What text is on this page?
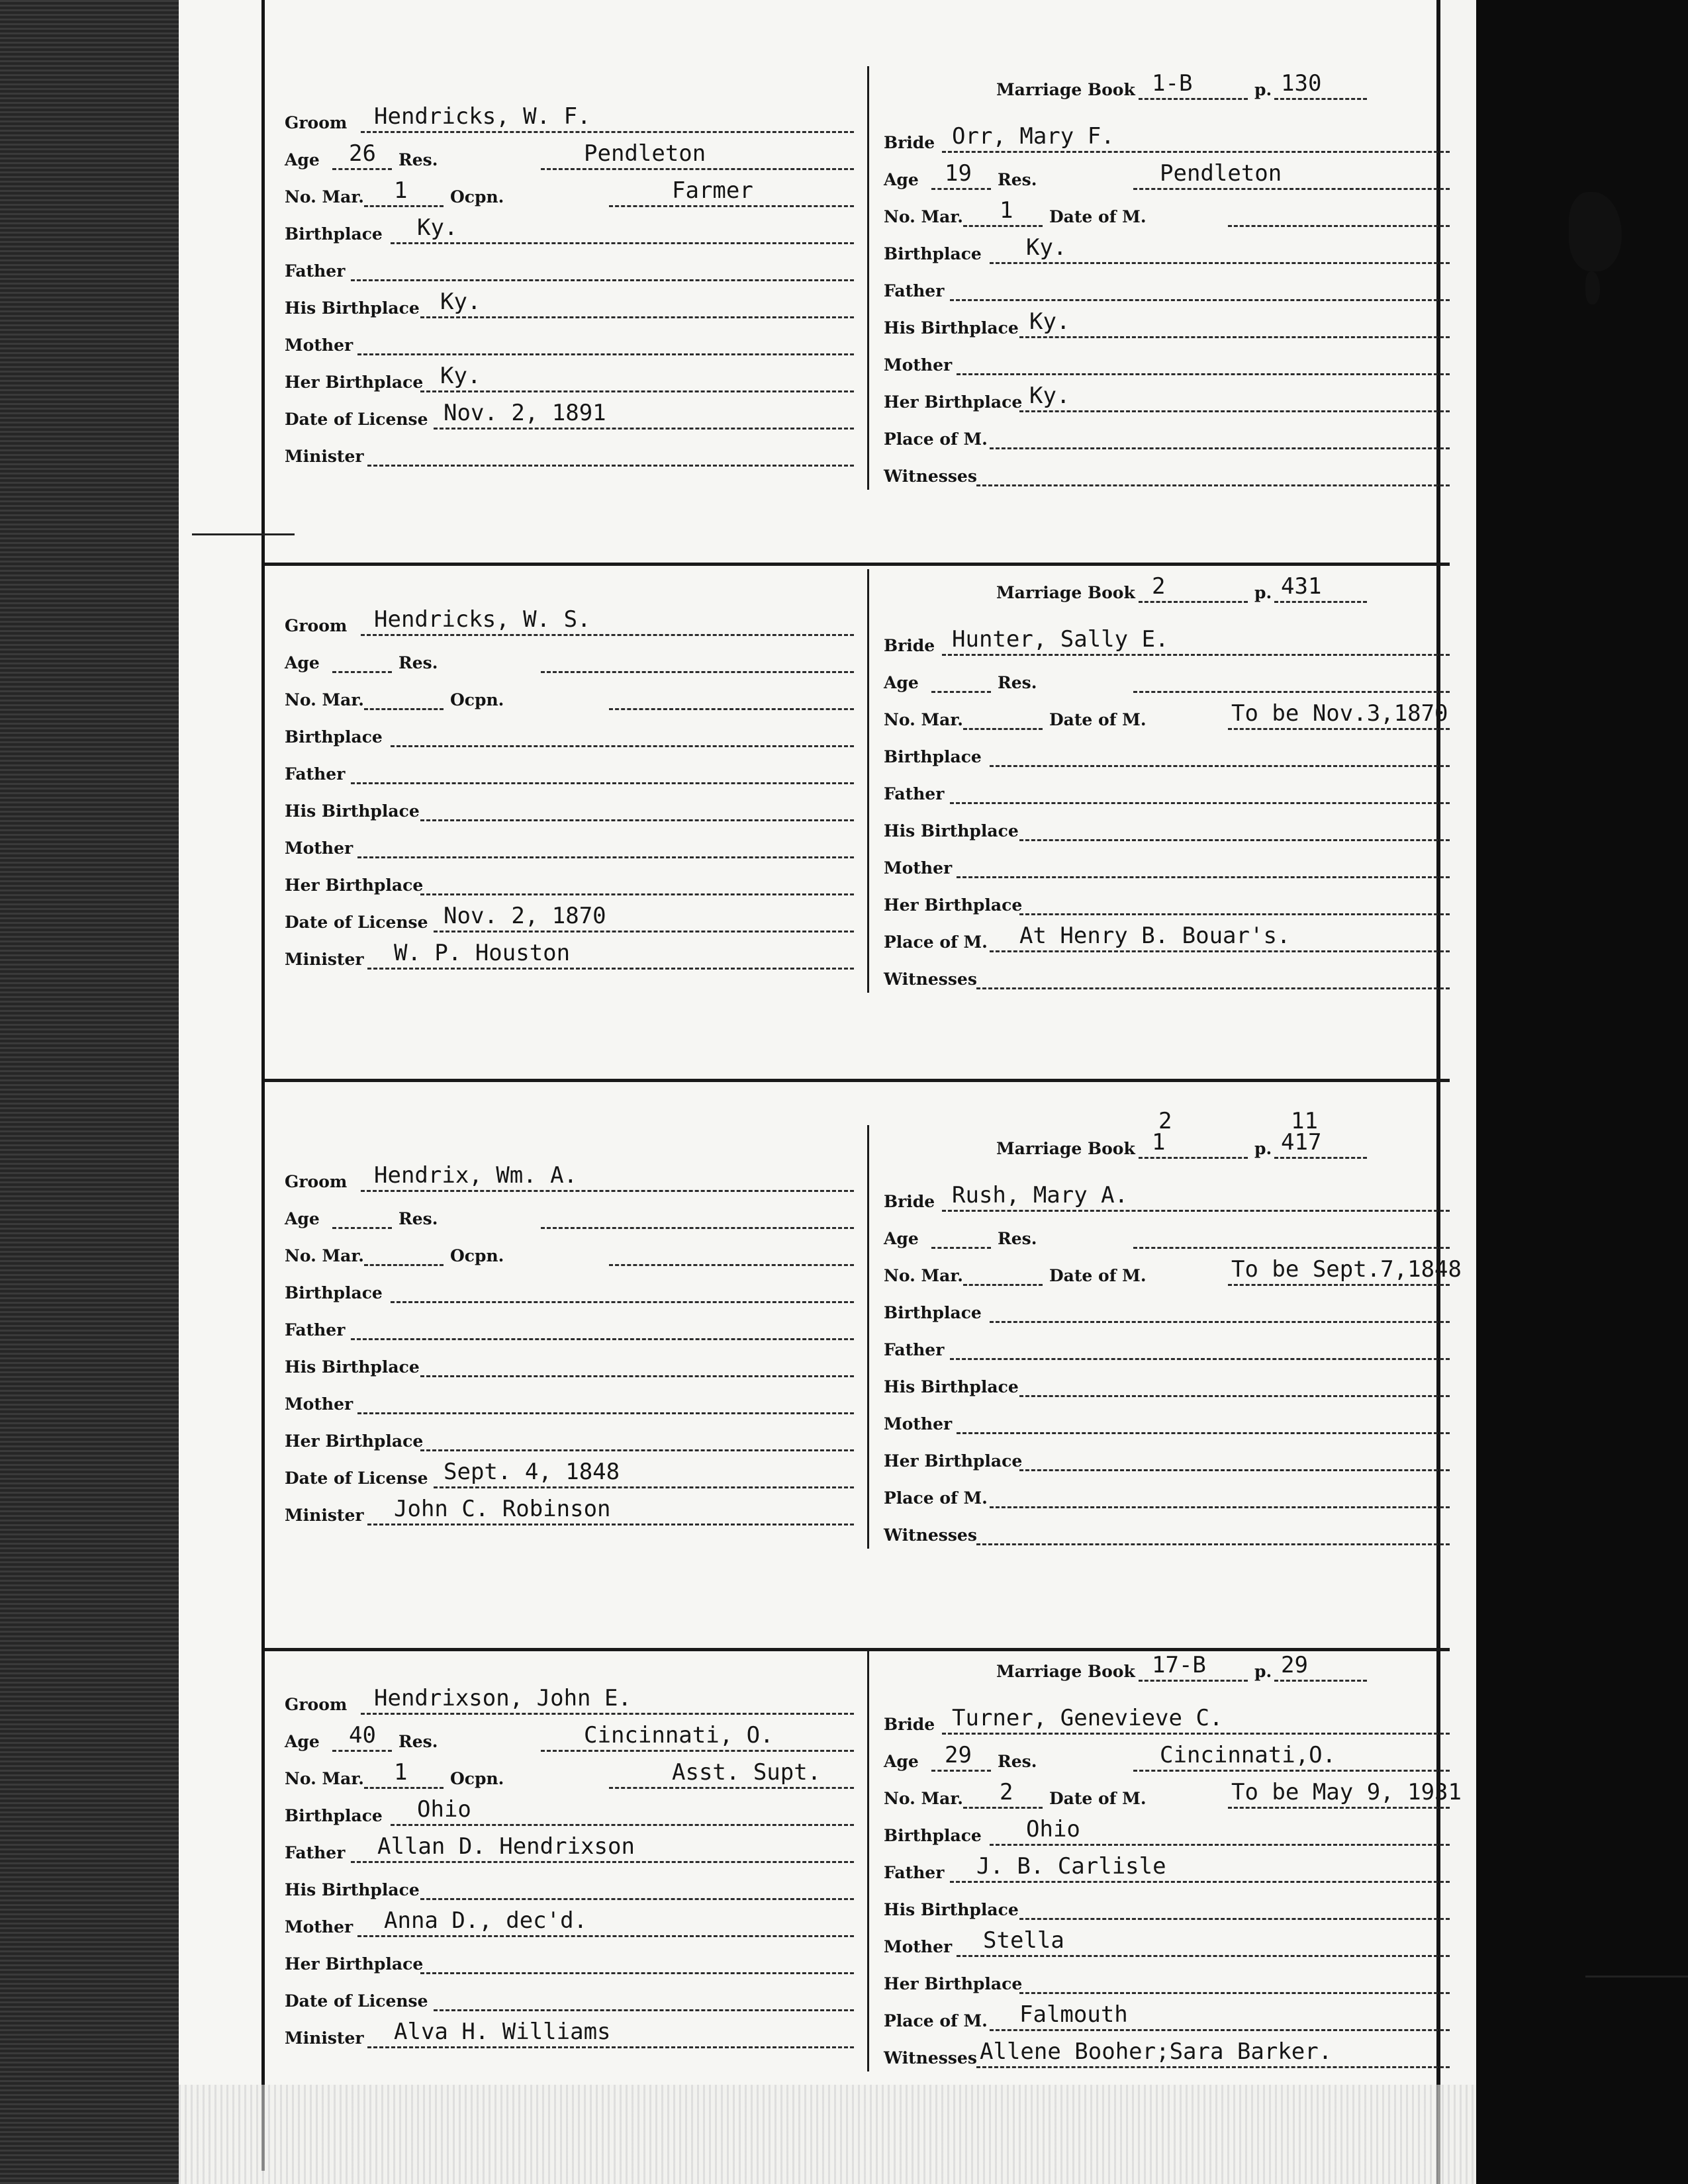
Marriage Book 1-B	p. 130
Groom Hendricks, W. F.
Age 26 Res.	Pendleton
No. Mar. 1	Ocpn.	Farmer
Birthplace Ky.
Father
His Birthplace Ky.
Mother
Her Birthplace Ky.
Date of License Nov. 2, 1891
Minister
Bride Orr, Mary F.
Age 19 Res.	Pendleton
No. Mar. 1 Date of M.
Birthplace Ky.
Father
His Birthplace Ky.
Mother
Her Birthplace Ky.
Place of M.
Witnesses
Marriage Book 2	p. 431
Groom Hendricks, W. S.
Age	Res.
No. Mar.	Ocpn.
Birthplace
Father
His Birthplace
Mother
Her Birthplace
Date of License Nov. 2, 1870
Minister W. P. Houston
Bride Hunter, Sally E.
Age	Res.
No. Mar.	Date of M.	To be Nov.3,1870
Birthplace
Father
His Birthplace
Mother
Her Birthplace
Place of M. At Henry B. Bouar's.
Witnesses
Marriage Book 1	p. 417
2	11
Groom Hendrix, Wm. A.
Age	Res.
No. Mar.	Ocpn.
Birthplace
Father
His Birthplace
Mother
Her Birthplace
Date of License Sept. 4, 1848
Minister John C. Robinson
Bride Rush, Mary A.
Age	Res.
No. Mar.	Date of M.	To be Sept.7,1848
Birthplace
Father
His Birthplace
Mother
Her Birthplace
Place of M.
Witnesses
Marriage Book 17-B	p. 29
Groom Hendrixson, John E.
Age 40 Res.	Cincinnati, O.
No. Mar. 1	Ocpn.	Asst. Supt.
Birthplace Ohio
Father Allan D. Hendrixson
His Birthplace
Mother Anna D., dec'd.
Her Birthplace
Date of License
Minister Alva H. Williams
Bride Turner, Genevieve C.
Age 29 Res.	Cincinnati,O.
No. Mar. 2 Date of M.	To be May 9, 1931
Birthplace Ohio
Father J. B. Carlisle
His Birthplace
Mother Stella
Her Birthplace
Place of M. Falmouth
Witnesses Allene Booher;Sara Barker.
